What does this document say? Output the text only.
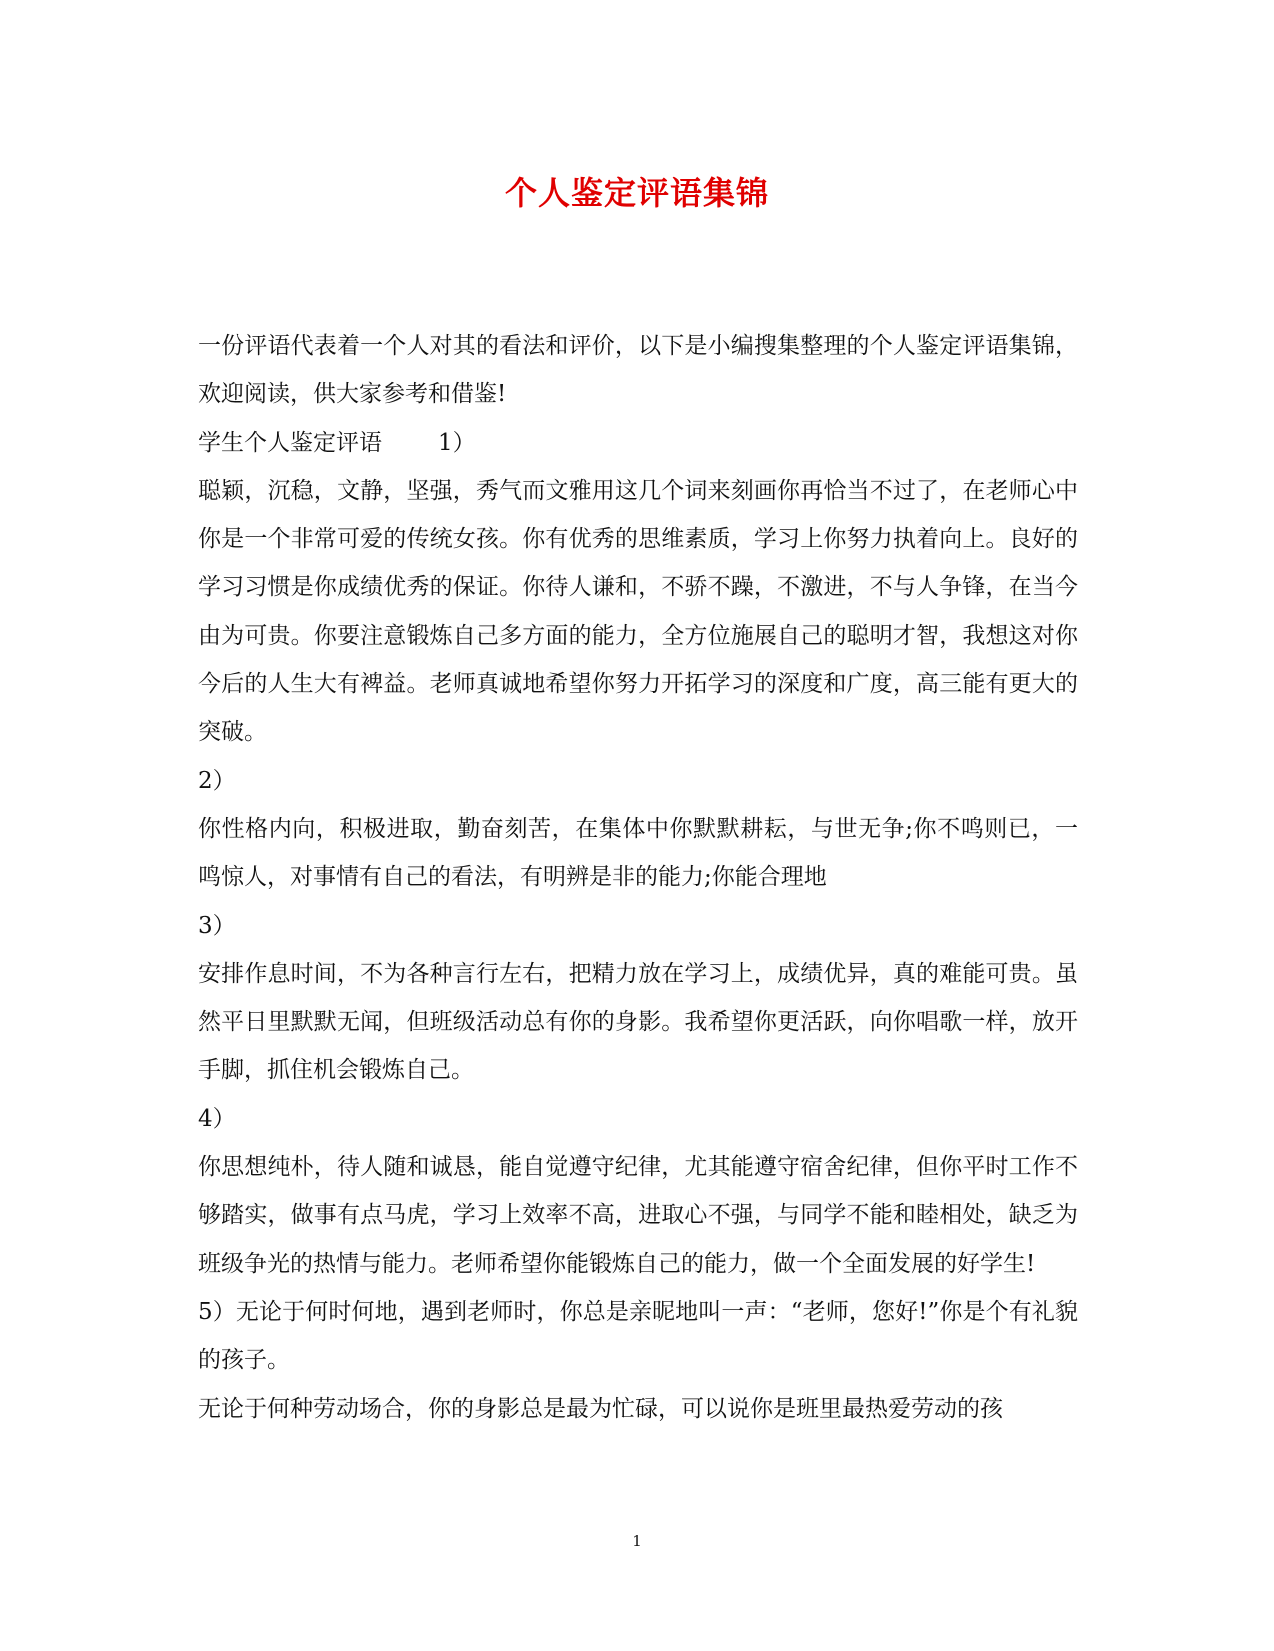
个人鉴定评语集锦

一份评语代表着一个人对其的看法和评价，以下是小编搜集整理的个人鉴定评语集锦，欢迎阅读，供大家参考和借鉴!

学生个人鉴定评语 1）

聪颖，沉稳，文静，坚强，秀气而文雅用这几个词来刻画你再恰当不过了，在老师心中你是一个非常可爱的传统女孩。你有优秀的思维素质，学习上你努力执着向上。良好的学习习惯是你成绩优秀的保证。你待人谦和，不骄不躁，不激进，不与人争锋，在当今由为可贵。你要注意锻炼自己多方面的能力，全方位施展自己的聪明才智，我想这对你今后的人生大有裨益。老师真诚地希望你努力开拓学习的深度和广度，高三能有更大的突破。

2）

你性格内向，积极进取，勤奋刻苦，在集体中你默默耕耘，与世无争;你不鸣则已，一鸣惊人，对事情有自己的看法，有明辨是非的能力;你能合理地

3）

安排作息时间，不为各种言行左右，把精力放在学习上，成绩优异，真的难能可贵。虽然平日里默默无闻，但班级活动总有你的身影。我希望你更活跃，向你唱歌一样，放开手脚，抓住机会锻炼自己。

4）

你思想纯朴，待人随和诚恳，能自觉遵守纪律，尤其能遵守宿舍纪律，但你平时工作不够踏实，做事有点马虎，学习上效率不高，进取心不强，与同学不能和睦相处，缺乏为班级争光的热情与能力。老师希望你能锻炼自己的能力，做一个全面发展的好学生!

5）无论于何时何地，遇到老师时，你总是亲昵地叫一声：“老师，您好!”你是个有礼貌的孩子。

无论于何种劳动场合，你的身影总是最为忙碌，可以说你是班里最热爱劳动的孩

1
